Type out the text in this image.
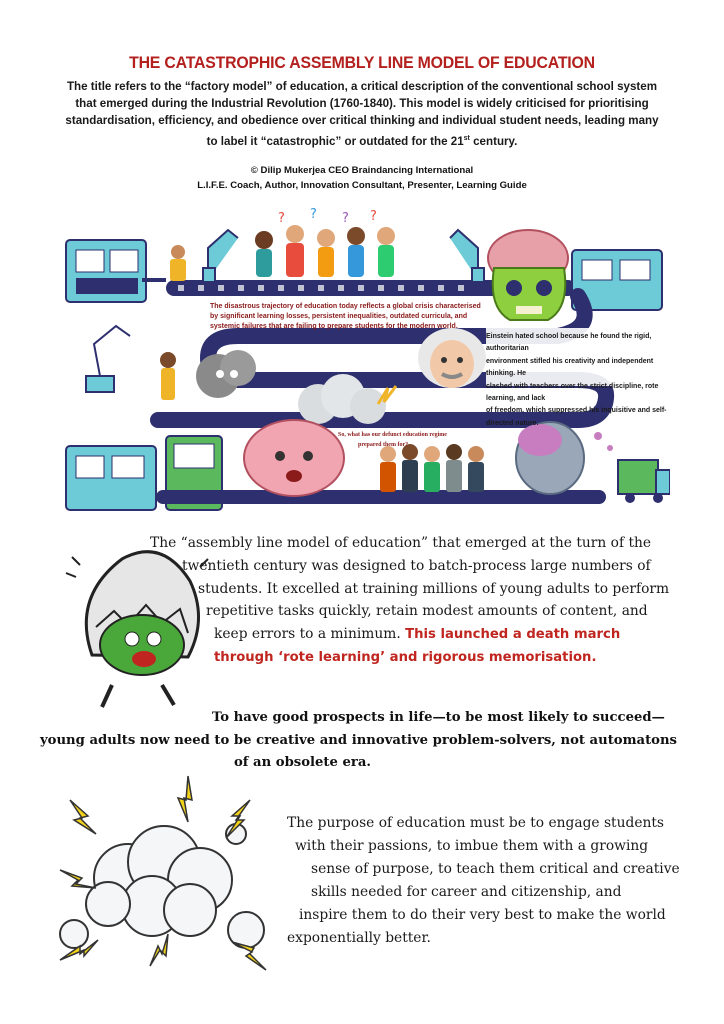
THE CATASTROPHIC ASSEMBLY LINE MODEL OF EDUCATION
The title refers to the “factory model” of education, a critical description of the conventional school system
that emerged during the Industrial Revolution (1760-1840). This model is widely criticised for prioritising
standardisation, efficiency, and obedience over critical thinking and individual student needs, leading many
to label it “catastrophic” or outdated for the 21st century.
© Dilip Mukerjea CEO Braindancing International
L.I.F.E. Coach, Author, Innovation Consultant, Presenter, Learning Guide
? ? ? ?
The disastrous trajectory of education today reflects a global crisis characterised
by significant learning losses, persistent inequalities, outdated curricula, and
systemic failures that are failing to prepare students for the modern world.
Einstein hated school because he found the rigid, authoritarian
environment stifled his creativity and independent thinking. He
clashed with teachers over the strict discipline, rote learning, and lack
of freedom, which suppressed his inquisitive and self-directed nature.
So, what has our defunct education regime
prepared them for?
The “assembly line model of education” that emerged at the turn of the
twentieth century was designed to batch-process large numbers of
students. It excelled at training millions of young adults to perform
repetitive tasks quickly, retain modest amounts of content, and
keep errors to a minimum. This launched a death march
through ‘rote learning’ and rigorous memorisation.
To have good prospects in life—to be most likely to succeed—
young adults now need to be creative and innovative problem-solvers, not automatons
of an obsolete era.
The purpose of education must be to engage students
with their passions, to imbue them with a growing
sense of purpose, to teach them critical and creative
skills needed for career and citizenship, and
inspire them to do their very best to make the world
exponentially better.
